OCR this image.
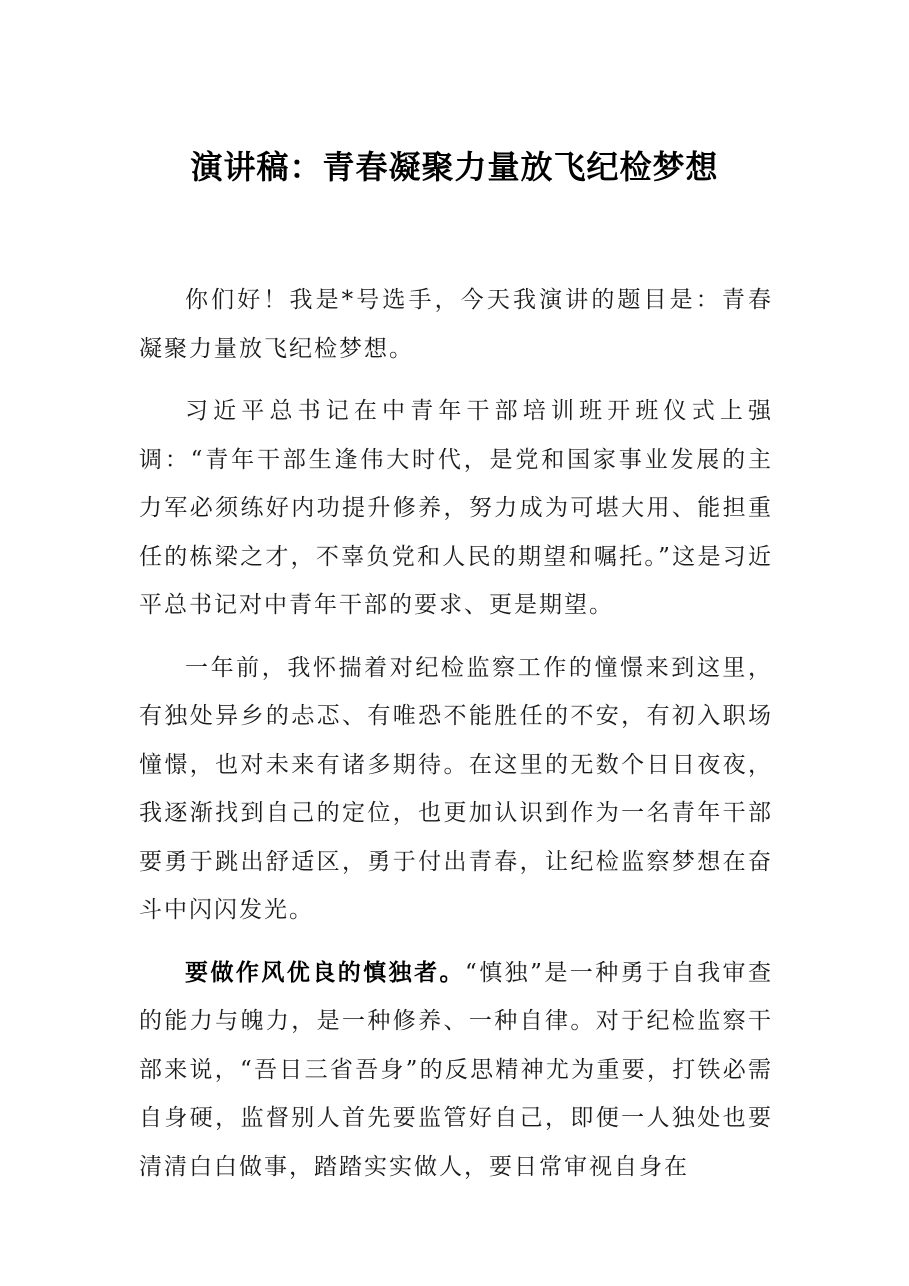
演讲稿：青春凝聚力量放飞纪检梦想

你们好！我是*号选手，今天我演讲的题目是：青春凝聚力量放飞纪检梦想。

习近平总书记在中青年干部培训班开班仪式上强调：“青年干部生逢伟大时代，是党和国家事业发展的主力军必须练好内功提升修养，努力成为可堪大用、能担重任的栋梁之才，不辜负党和人民的期望和嘱托。”这是习近平总书记对中青年干部的要求、更是期望。

一年前，我怀揣着对纪检监察工作的憧憬来到这里，有独处异乡的忐忑、有唯恐不能胜任的不安，有初入职场憧憬，也对未来有诸多期待。在这里的无数个日日夜夜，我逐渐找到自己的定位，也更加认识到作为一名青年干部要勇于跳出舒适区，勇于付出青春，让纪检监察梦想在奋斗中闪闪发光。

要做作风优良的慎独者。“慎独”是一种勇于自我审查的能力与魄力，是一种修养、一种自律。对于纪检监察干部来说，“吾日三省吾身”的反思精神尤为重要，打铁必需自身硬，监督别人首先要监管好自己，即便一人独处也要清清白白做事，踏踏实实做人，要日常审视自身在
